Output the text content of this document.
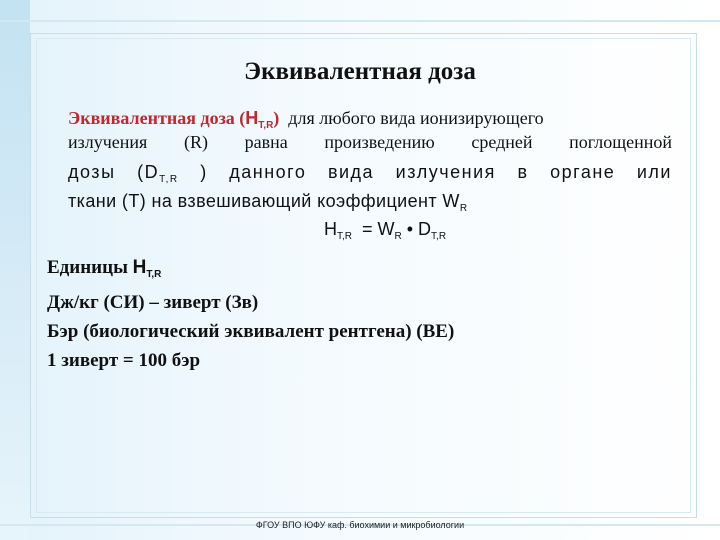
Эквивалентная доза
Эквивалентная доза $(H_{T,R})$ для любого вида ионизирующего
излучения (R) равна произведению средней поглощенной
дозы ($D_{T,R}$ ) данного вида излучения в органе или
ткани (T) на взвешивающий коэффициент $W_R$
$H_{T,R} = W_R$ • $D_{T,R}$
Единицы $H_{T,R}$
Дж/кг (СИ) – зиверт (Зв)
Бэр (биологический эквивалент рентгена) (BE)
1 зиверт = 100 бэр
ФГОУ ВПО ЮФУ каф. биохимии и микробиологии
